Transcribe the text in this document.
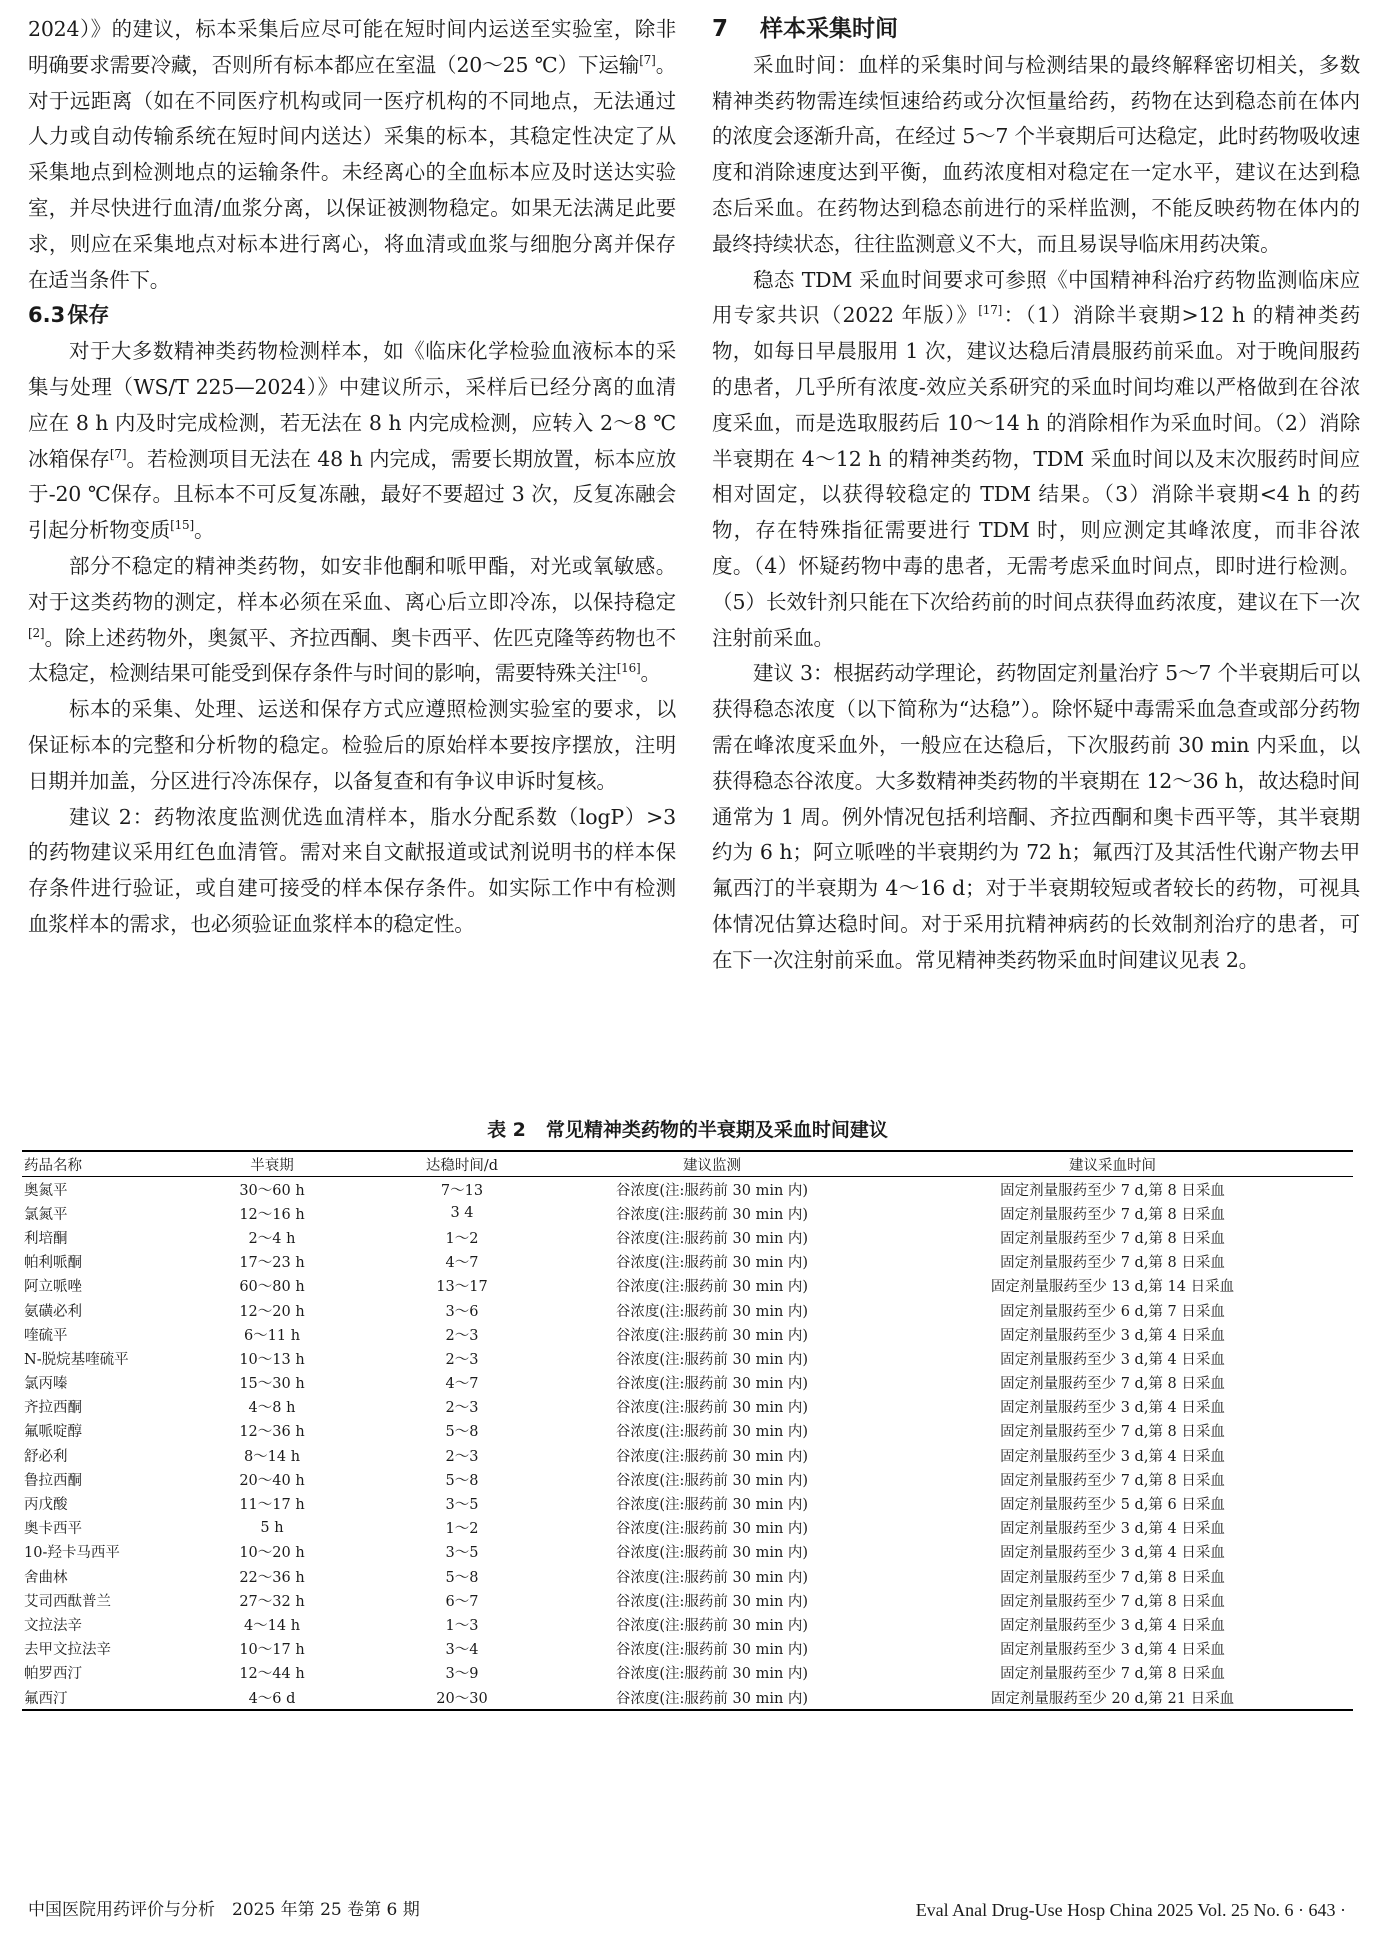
2024）》的建议，标本采集后应尽可能在短时间内运送至实验室，除非明确要求需要冷藏，否则所有标本都应在室温（20～25 ℃）下运输[7]。对于远距离（如在不同医疗机构或同一医疗机构的不同地点，无法通过人力或自动传输系统在短时间内送达）采集的标本，其稳定性决定了从采集地点到检测地点的运输条件。未经离心的全血标本应及时送达实验室，并尽快进行血清/血浆分离，以保证被测物稳定。如果无法满足此要求，则应在采集地点对标本进行离心，将血清或血浆与细胞分离并保存在适当条件下。

6.3 保存

对于大多数精神类药物检测样本，如《临床化学检验血液标本的采集与处理（WS/T 225—2024）》中建议所示，采样后已经分离的血清应在 8 h 内及时完成检测，若无法在 8 h 内完成检测，应转入 2～8 ℃冰箱保存[7]。若检测项目无法在 48 h 内完成，需要长期放置，标本应放于-20 ℃保存。且标本不可反复冻融，最好不要超过 3 次，反复冻融会引起分析物变质[15]。

部分不稳定的精神类药物，如安非他酮和哌甲酯，对光或氧敏感。对于这类药物的测定，样本必须在采血、离心后立即冷冻，以保持稳定[2]。除上述药物外，奥氮平、齐拉西酮、奥卡西平、佐匹克隆等药物也不太稳定，检测结果可能受到保存条件与时间的影响，需要特殊关注[16]。

标本的采集、处理、运送和保存方式应遵照检测实验室的要求，以保证标本的完整和分析物的稳定。检验后的原始样本要按序摆放，注明日期并加盖，分区进行冷冻保存，以备复查和有争议申诉时复核。

建议 2：药物浓度监测优选血清样本，脂水分配系数（logP）>3 的药物建议采用红色血清管。需对来自文献报道或试剂说明书的样本保存条件进行验证，或自建可接受的样本保存条件。如实际工作中有检测血浆样本的需求，也必须验证血浆样本的稳定性。

7 样本采集时间

采血时间：血样的采集时间与检测结果的最终解释密切相关，多数精神类药物需连续恒速给药或分次恒量给药，药物在达到稳态前在体内的浓度会逐渐升高，在经过 5～7 个半衰期后可达稳定，此时药物吸收速度和消除速度达到平衡，血药浓度相对稳定在一定水平，建议在达到稳态后采血。在药物达到稳态前进行的采样监测，不能反映药物在体内的最终持续状态，往往监测意义不大，而且易误导临床用药决策。

稳态 TDM 采血时间要求可参照《中国精神科治疗药物监测临床应用专家共识（2022 年版）》[17]：（1）消除半衰期>12 h 的精神类药物，如每日早晨服用 1 次，建议达稳后清晨服药前采血。对于晚间服药的患者，几乎所有浓度-效应关系研究的采血时间均难以严格做到在谷浓度采血，而是选取服药后 10～14 h 的消除相作为采血时间。（2）消除半衰期在 4～12 h 的精神类药物，TDM 采血时间以及末次服药时间应相对固定，以获得较稳定的 TDM 结果。（3）消除半衰期<4 h 的药物，存在特殊指征需要进行 TDM 时，则应测定其峰浓度，而非谷浓度。（4）怀疑药物中毒的患者，无需考虑采血时间点，即时进行检测。（5）长效针剂只能在下次给药前的时间点获得血药浓度，建议在下一次注射前采血。

建议 3：根据药动学理论，药物固定剂量治疗 5～7 个半衰期后可以获得稳态浓度（以下简称为“达稳”）。除怀疑中毒需采血急查或部分药物需在峰浓度采血外，一般应在达稳后，下次服药前 30 min 内采血，以获得稳态谷浓度。大多数精神类药物的半衰期在 12～36 h，故达稳时间通常为 1 周。例外情况包括利培酮、齐拉西酮和奥卡西平等，其半衰期约为 6 h；阿立哌唑的半衰期约为 72 h；氟西汀及其活性代谢产物去甲氟西汀的半衰期为 4～16 d；对于半衰期较短或者较长的药物，可视具体情况估算达稳时间。对于采用抗精神病药的长效制剂治疗的患者，可在下一次注射前采血。常见精神类药物采血时间建议见表 2。

表 2 常见精神类药物的半衰期及采血时间建议
药品名称	半衰期	达稳时间/d	建议监测	建议采血时间
奥氮平	30～60 h	7～13	谷浓度(注:服药前 30 min 内)	固定剂量服药至少 7 d,第 8 日采血
氯氮平	12～16 h	3 4	谷浓度(注:服药前 30 min 内)	固定剂量服药至少 7 d,第 8 日采血
利培酮	2～4 h	1～2	谷浓度(注:服药前 30 min 内)	固定剂量服药至少 7 d,第 8 日采血
帕利哌酮	17～23 h	4～7	谷浓度(注:服药前 30 min 内)	固定剂量服药至少 7 d,第 8 日采血
阿立哌唑	60～80 h	13～17	谷浓度(注:服药前 30 min 内)	固定剂量服药至少 13 d,第 14 日采血
氨磺必利	12～20 h	3～6	谷浓度(注:服药前 30 min 内)	固定剂量服药至少 6 d,第 7 日采血
喹硫平	6～11 h	2～3	谷浓度(注:服药前 30 min 内)	固定剂量服药至少 3 d,第 4 日采血
N-脱烷基喹硫平	10～13 h	2～3	谷浓度(注:服药前 30 min 内)	固定剂量服药至少 3 d,第 4 日采血
氯丙嗪	15～30 h	4～7	谷浓度(注:服药前 30 min 内)	固定剂量服药至少 7 d,第 8 日采血
齐拉西酮	4～8 h	2～3	谷浓度(注:服药前 30 min 内)	固定剂量服药至少 3 d,第 4 日采血
氟哌啶醇	12～36 h	5～8	谷浓度(注:服药前 30 min 内)	固定剂量服药至少 7 d,第 8 日采血
舒必利	8～14 h	2～3	谷浓度(注:服药前 30 min 内)	固定剂量服药至少 3 d,第 4 日采血
鲁拉西酮	20～40 h	5～8	谷浓度(注:服药前 30 min 内)	固定剂量服药至少 7 d,第 8 日采血
丙戊酸	11～17 h	3～5	谷浓度(注:服药前 30 min 内)	固定剂量服药至少 5 d,第 6 日采血
奥卡西平	5 h	1～2	谷浓度(注:服药前 30 min 内)	固定剂量服药至少 3 d,第 4 日采血
10-羟卡马西平	10～20 h	3～5	谷浓度(注:服药前 30 min 内)	固定剂量服药至少 3 d,第 4 日采血
舍曲林	22～36 h	5～8	谷浓度(注:服药前 30 min 内)	固定剂量服药至少 7 d,第 8 日采血
艾司西酞普兰	27～32 h	6～7	谷浓度(注:服药前 30 min 内)	固定剂量服药至少 7 d,第 8 日采血
文拉法辛	4～14 h	1～3	谷浓度(注:服药前 30 min 内)	固定剂量服药至少 3 d,第 4 日采血
去甲文拉法辛	10～17 h	3～4	谷浓度(注:服药前 30 min 内)	固定剂量服药至少 3 d,第 4 日采血
帕罗西汀	12～44 h	3～9	谷浓度(注:服药前 30 min 内)	固定剂量服药至少 7 d,第 8 日采血
氟西汀	4～6 d	20～30	谷浓度(注:服药前 30 min 内)	固定剂量服药至少 20 d,第 21 日采血
中国医院用药评价与分析　2025 年第 25 卷第 6 期	Eval Anal Drug-Use Hosp China 2025 Vol. 25 No. 6 · 643 ·
